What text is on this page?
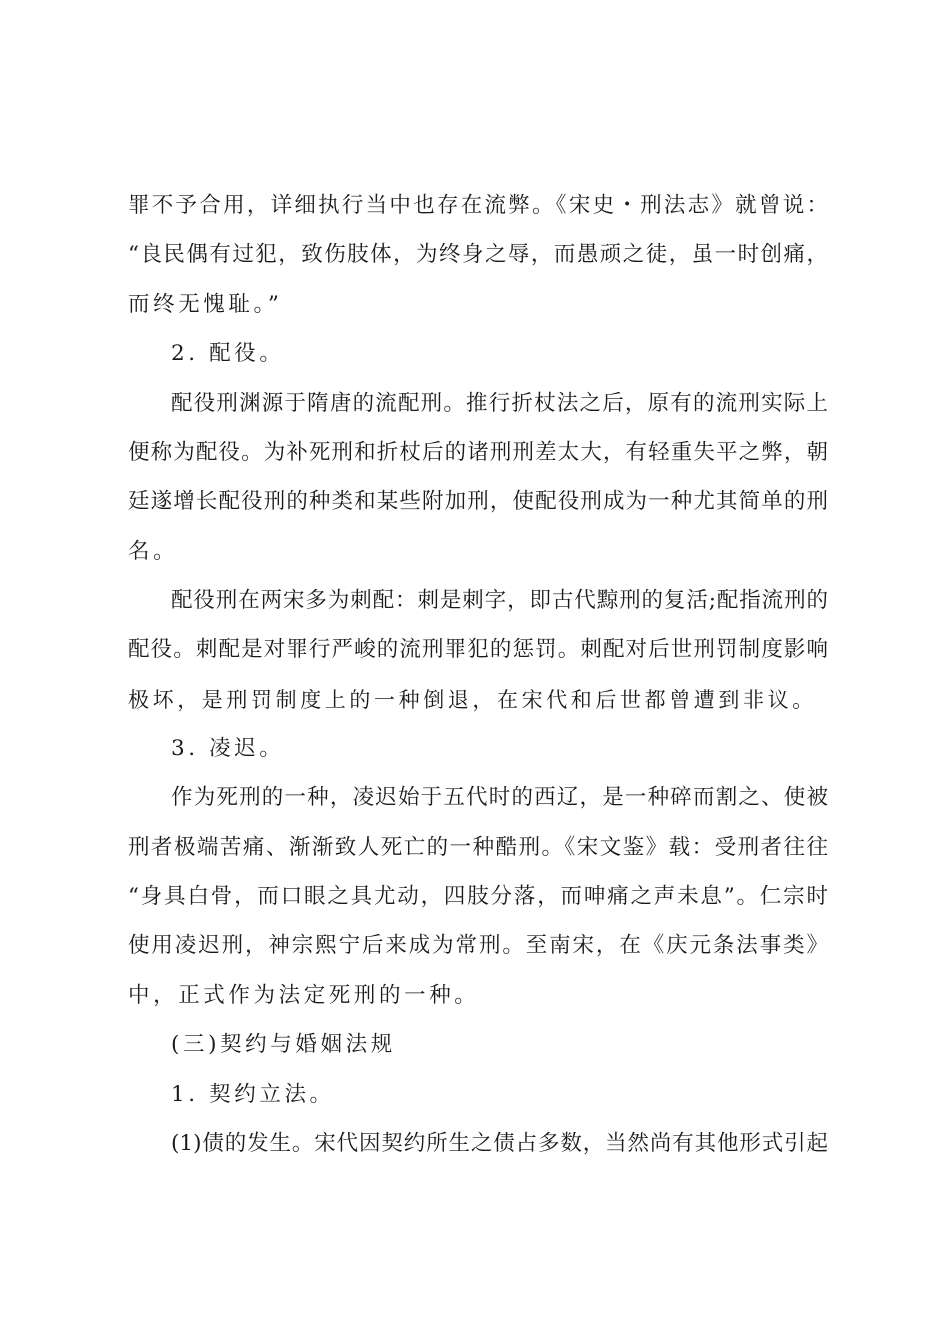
罪不予合用，详细执行当中也存在流弊。《宋史・刑法志》就曾说：
“良民偶有过犯，致伤肢体，为终身之辱，而愚顽之徒，虽一时创痛，
而终无愧耻。”
2. 配役。
配役刑渊源于隋唐的流配刑。推行折杖法之后，原有的流刑实际上
便称为配役。为补死刑和折杖后的诸刑刑差太大，有轻重失平之弊，朝
廷遂增长配役刑的种类和某些附加刑，使配役刑成为一种尤其简单的刑
名。
配役刑在两宋多为刺配：刺是刺字，即古代黥刑的复活;配指流刑的
配役。刺配是对罪行严峻的流刑罪犯的惩罚。刺配对后世刑罚制度影响
极坏，是刑罚制度上的一种倒退，在宋代和后世都曾遭到非议。
3. 凌迟。
作为死刑的一种，凌迟始于五代时的西辽，是一种碎而割之、使被
刑者极端苦痛、渐渐致人死亡的一种酷刑。《宋文鉴》载：受刑者往往
“身具白骨，而口眼之具尤动，四肢分落，而呻痛之声未息”。仁宗时
使用凌迟刑，神宗熙宁后来成为常刑。至南宋，在《庆元条法事类》
中，正式作为法定死刑的一种。
(三)契约与婚姻法规
1. 契约立法。
(1)债的发生。宋代因契约所生之债占多数，当然尚有其他形式引起
